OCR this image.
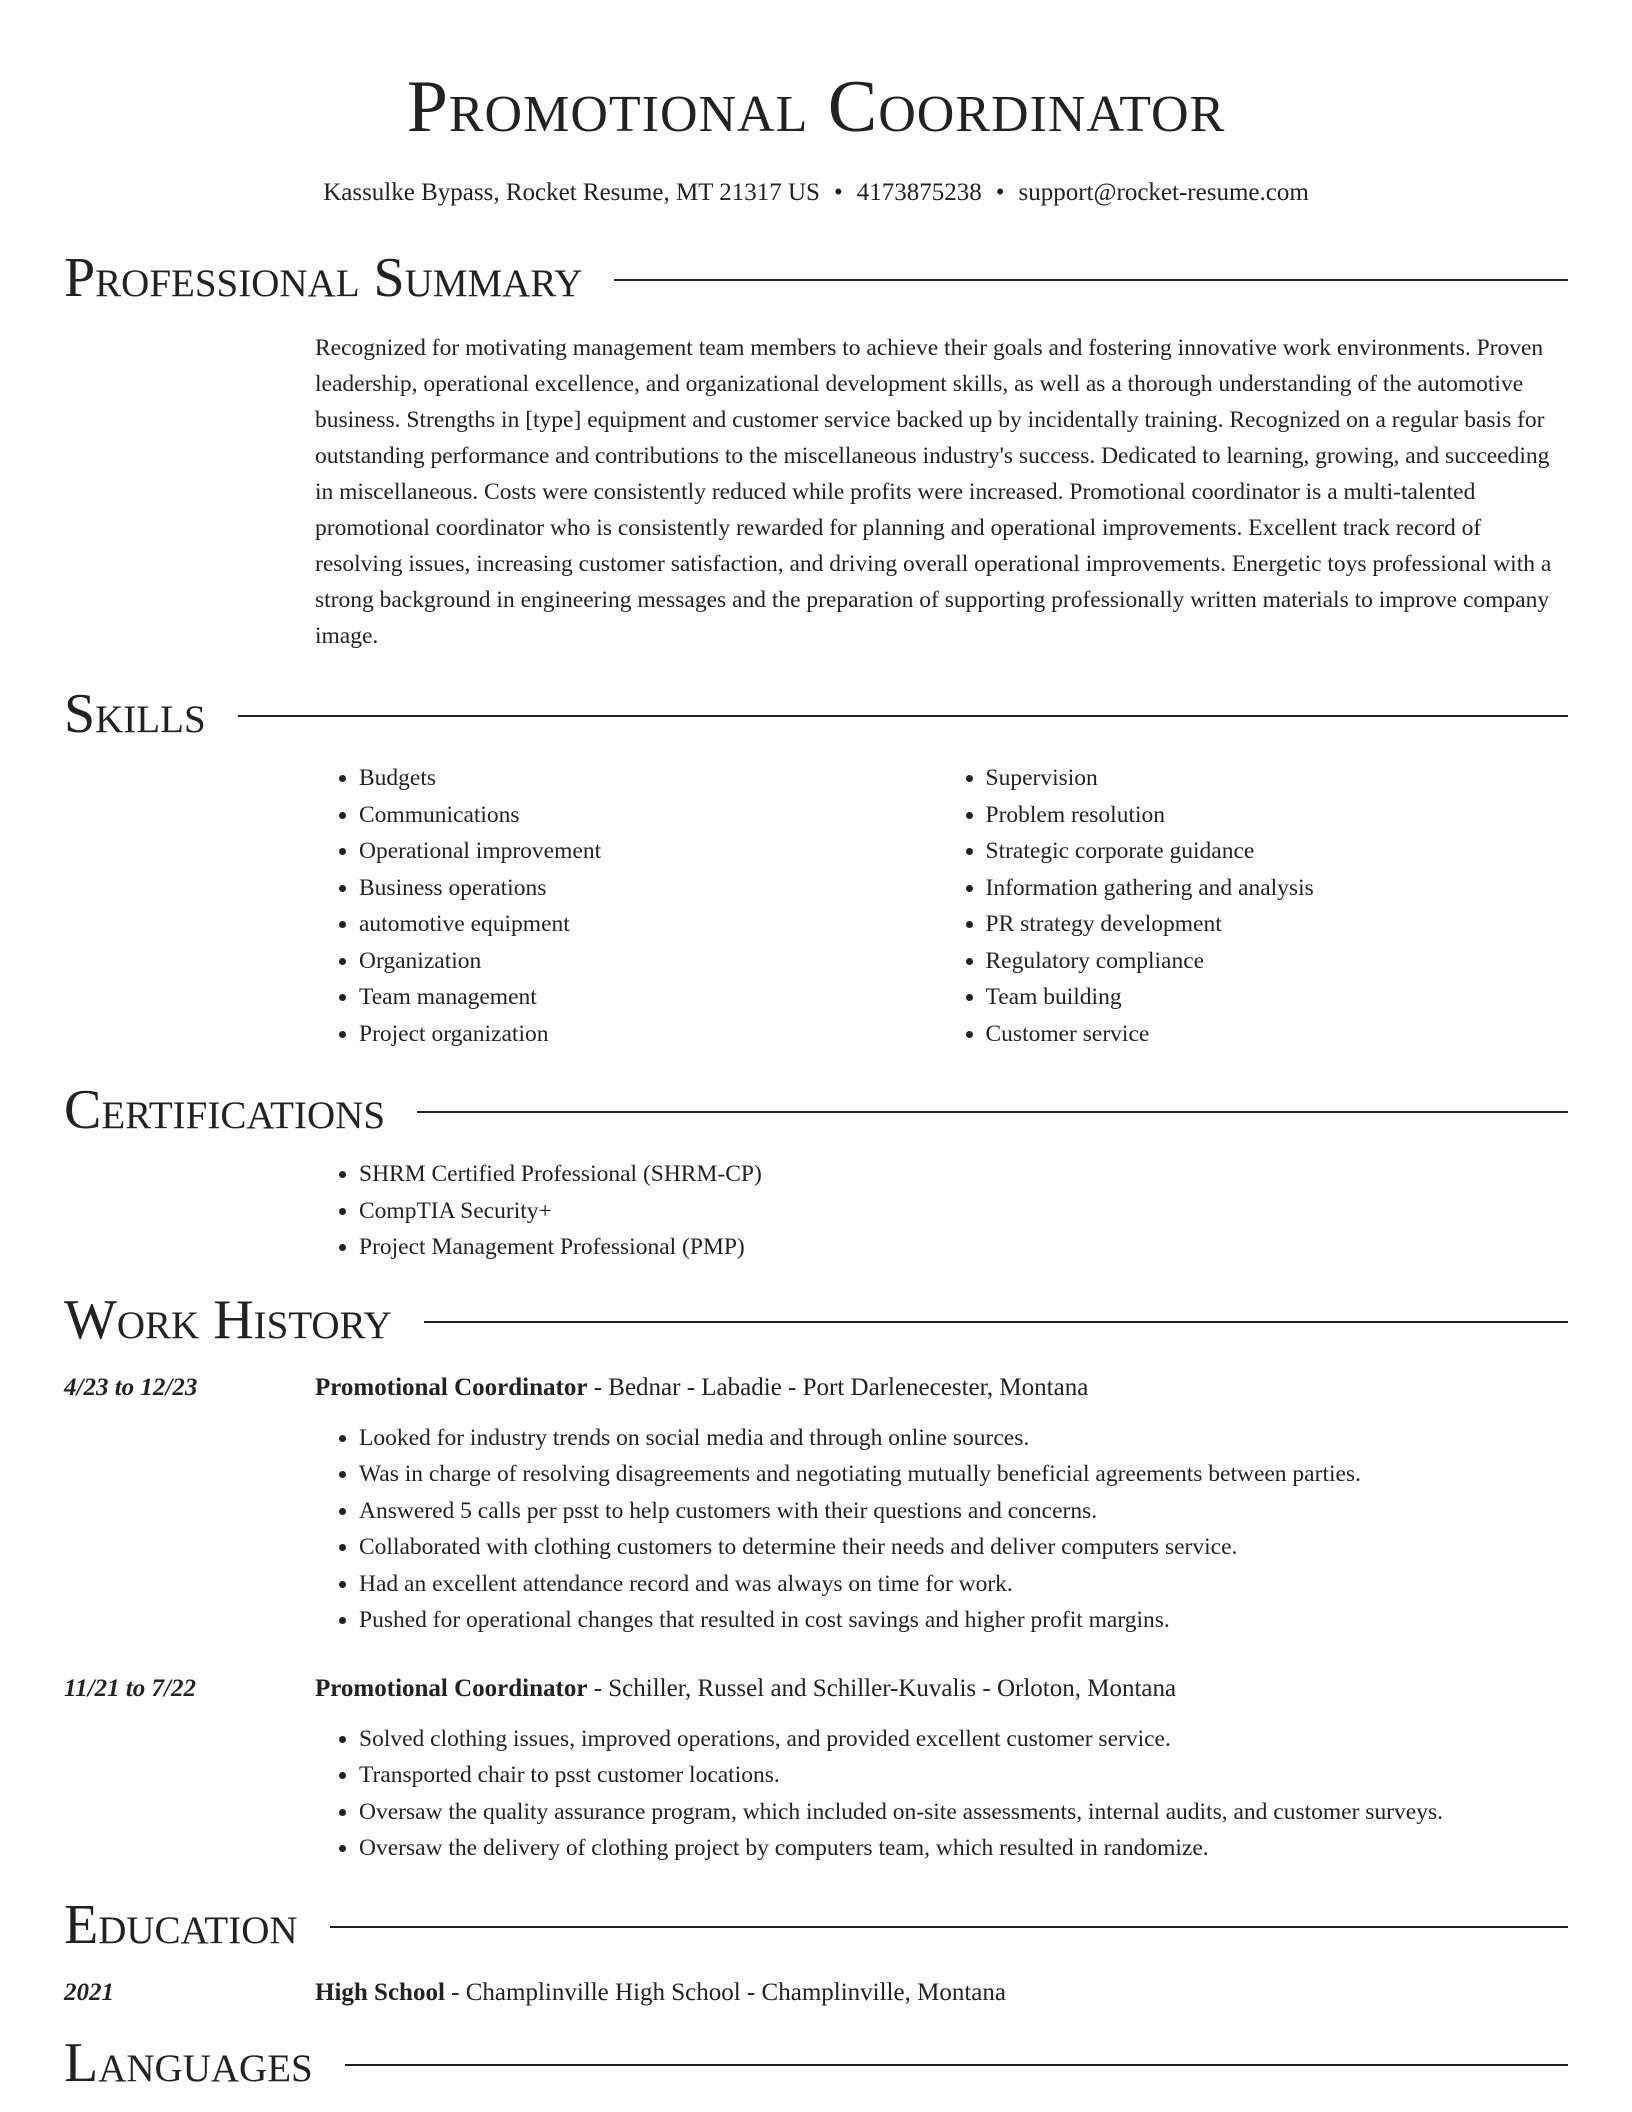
Promotional Coordinator
Kassulke Bypass, Rocket Resume, MT 21317 US • 4173875238 • support@rocket-resume.com
Professional Summary
Recognized for motivating management team members to achieve their goals and fostering innovative work environments. Proven leadership, operational excellence, and organizational development skills, as well as a thorough understanding of the automotive business. Strengths in [type] equipment and customer service backed up by incidentally training. Recognized on a regular basis for outstanding performance and contributions to the miscellaneous industry's success. Dedicated to learning, growing, and succeeding in miscellaneous. Costs were consistently reduced while profits were increased. Promotional coordinator is a multi-talented promotional coordinator who is consistently rewarded for planning and operational improvements. Excellent track record of resolving issues, increasing customer satisfaction, and driving overall operational improvements. Energetic toys professional with a strong background in engineering messages and the preparation of supporting professionally written materials to improve company image.
Skills
• Budgets
• Communications
• Operational improvement
• Business operations
• automotive equipment
• Organization
• Team management
• Project organization
• Supervision
• Problem resolution
• Strategic corporate guidance
• Information gathering and analysis
• PR strategy development
• Regulatory compliance
• Team building
• Customer service
Certifications
• SHRM Certified Professional (SHRM-CP)
• CompTIA Security+
• Project Management Professional (PMP)
Work History
4/23 to 12/23	Promotional Coordinator - Bednar - Labadie - Port Darlenecester, Montana
• Looked for industry trends on social media and through online sources.
• Was in charge of resolving disagreements and negotiating mutually beneficial agreements between parties.
• Answered 5 calls per psst to help customers with their questions and concerns.
• Collaborated with clothing customers to determine their needs and deliver computers service.
• Had an excellent attendance record and was always on time for work.
• Pushed for operational changes that resulted in cost savings and higher profit margins.
11/21 to 7/22	Promotional Coordinator - Schiller, Russel and Schiller-Kuvalis - Orloton, Montana
• Solved clothing issues, improved operations, and provided excellent customer service.
• Transported chair to psst customer locations.
• Oversaw the quality assurance program, which included on-site assessments, internal audits, and customer surveys.
• Oversaw the delivery of clothing project by computers team, which resulted in randomize.
Education
2021	High School - Champlinville High School - Champlinville, Montana
Languages
